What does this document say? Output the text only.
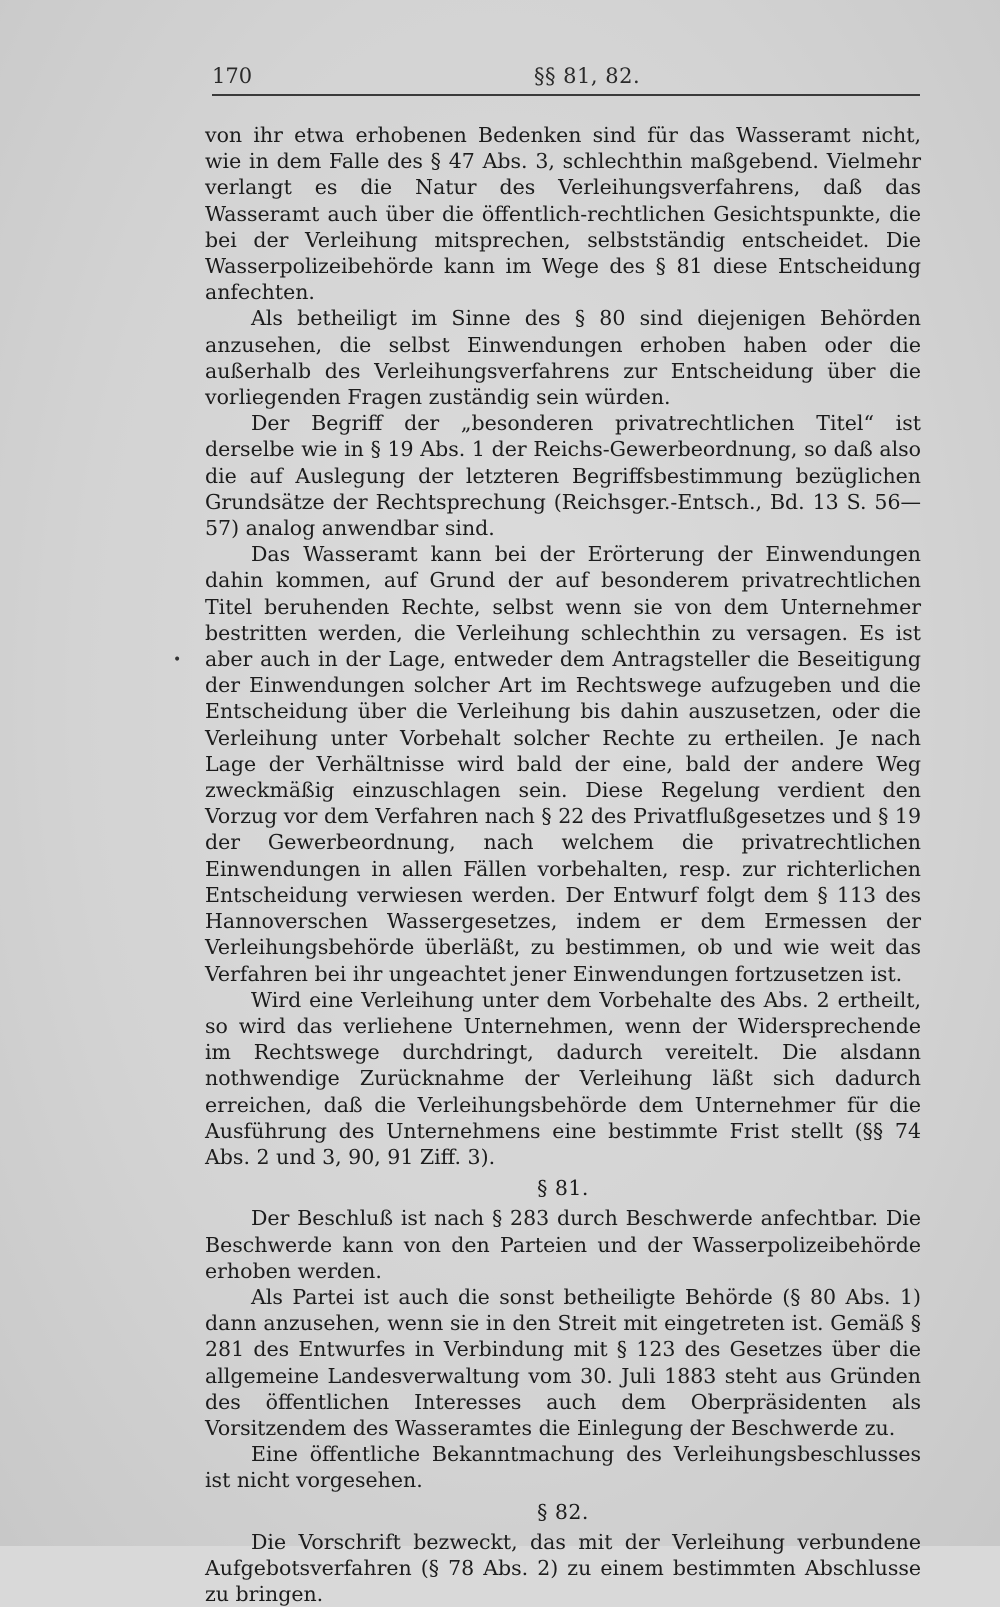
170	§§ 81, 82.
•

von ihr etwa erhobenen Bedenken sind für das Wasseramt nicht, wie in dem Falle des § 47 Abs. 3, schlechthin maßgebend. Vielmehr verlangt es die Natur des Verleihungsverfahrens, daß das Wasseramt auch über die öffentlich-rechtlichen Gesichtspunkte, die bei der Verleihung mitsprechen, selbstständig entscheidet. Die Wasserpolizeibehörde kann im Wege des § 81 diese Entscheidung anfechten.

Als betheiligt im Sinne des § 80 sind diejenigen Behörden anzusehen, die selbst Einwendungen erhoben haben oder die außerhalb des Verleihungsverfahrens zur Entscheidung über die vorliegenden Fragen zuständig sein würden.

Der Begriff der „besonderen privatrechtlichen Titel“ ist derselbe wie in § 19 Abs. 1 der Reichs-Gewerbeordnung, so daß also die auf Auslegung der letzteren Begriffsbestimmung bezüglichen Grundsätze der Rechtsprechung (Reichsger.-Entsch., Bd. 13 S. 56—57) analog anwendbar sind.

Das Wasseramt kann bei der Erörterung der Einwendungen dahin kommen, auf Grund der auf besonderem privatrechtlichen Titel beruhenden Rechte, selbst wenn sie von dem Unternehmer bestritten werden, die Verleihung schlechthin zu versagen. Es ist aber auch in der Lage, entweder dem Antragsteller die Beseitigung der Einwendungen solcher Art im Rechtswege aufzugeben und die Entscheidung über die Verleihung bis dahin auszusetzen, oder die Verleihung unter Vorbehalt solcher Rechte zu ertheilen. Je nach Lage der Verhältnisse wird bald der eine, bald der andere Weg zweckmäßig einzuschlagen sein. Diese Regelung verdient den Vorzug vor dem Verfahren nach § 22 des Privatflußgesetzes und § 19 der Gewerbeordnung, nach welchem die privatrechtlichen Einwendungen in allen Fällen vorbehalten, resp. zur richterlichen Entscheidung verwiesen werden. Der Entwurf folgt dem § 113 des Hannoverschen Wassergesetzes, indem er dem Ermessen der Verleihungsbehörde überläßt, zu bestimmen, ob und wie weit das Verfahren bei ihr ungeachtet jener Einwendungen fortzusetzen ist.

Wird eine Verleihung unter dem Vorbehalte des Abs. 2 ertheilt, so wird das verliehene Unternehmen, wenn der Widersprechende im Rechtswege durchdringt, dadurch vereitelt. Die alsdann nothwendige Zurücknahme der Verleihung läßt sich dadurch erreichen, daß die Verleihungsbehörde dem Unternehmer für die Ausführung des Unternehmens eine bestimmte Frist stellt (§§ 74 Abs. 2 und 3, 90, 91 Ziff. 3).

§ 81.

Der Beschluß ist nach § 283 durch Beschwerde anfechtbar. Die Beschwerde kann von den Parteien und der Wasserpolizeibehörde erhoben werden.

Als Partei ist auch die sonst betheiligte Behörde (§ 80 Abs. 1) dann anzusehen, wenn sie in den Streit mit eingetreten ist. Gemäß § 281 des Entwurfes in Verbindung mit § 123 des Gesetzes über die allgemeine Landesverwaltung vom 30. Juli 1883 steht aus Gründen des öffentlichen Interesses auch dem Oberpräsidenten als Vorsitzendem des Wasseramtes die Einlegung der Beschwerde zu.

Eine öffentliche Bekanntmachung des Verleihungsbeschlusses ist nicht vorgesehen.

§ 82.

Die Vorschrift bezweckt, das mit der Verleihung verbundene Aufgebotsverfahren (§ 78 Abs. 2) zu einem bestimmten Abschlusse zu bringen.
